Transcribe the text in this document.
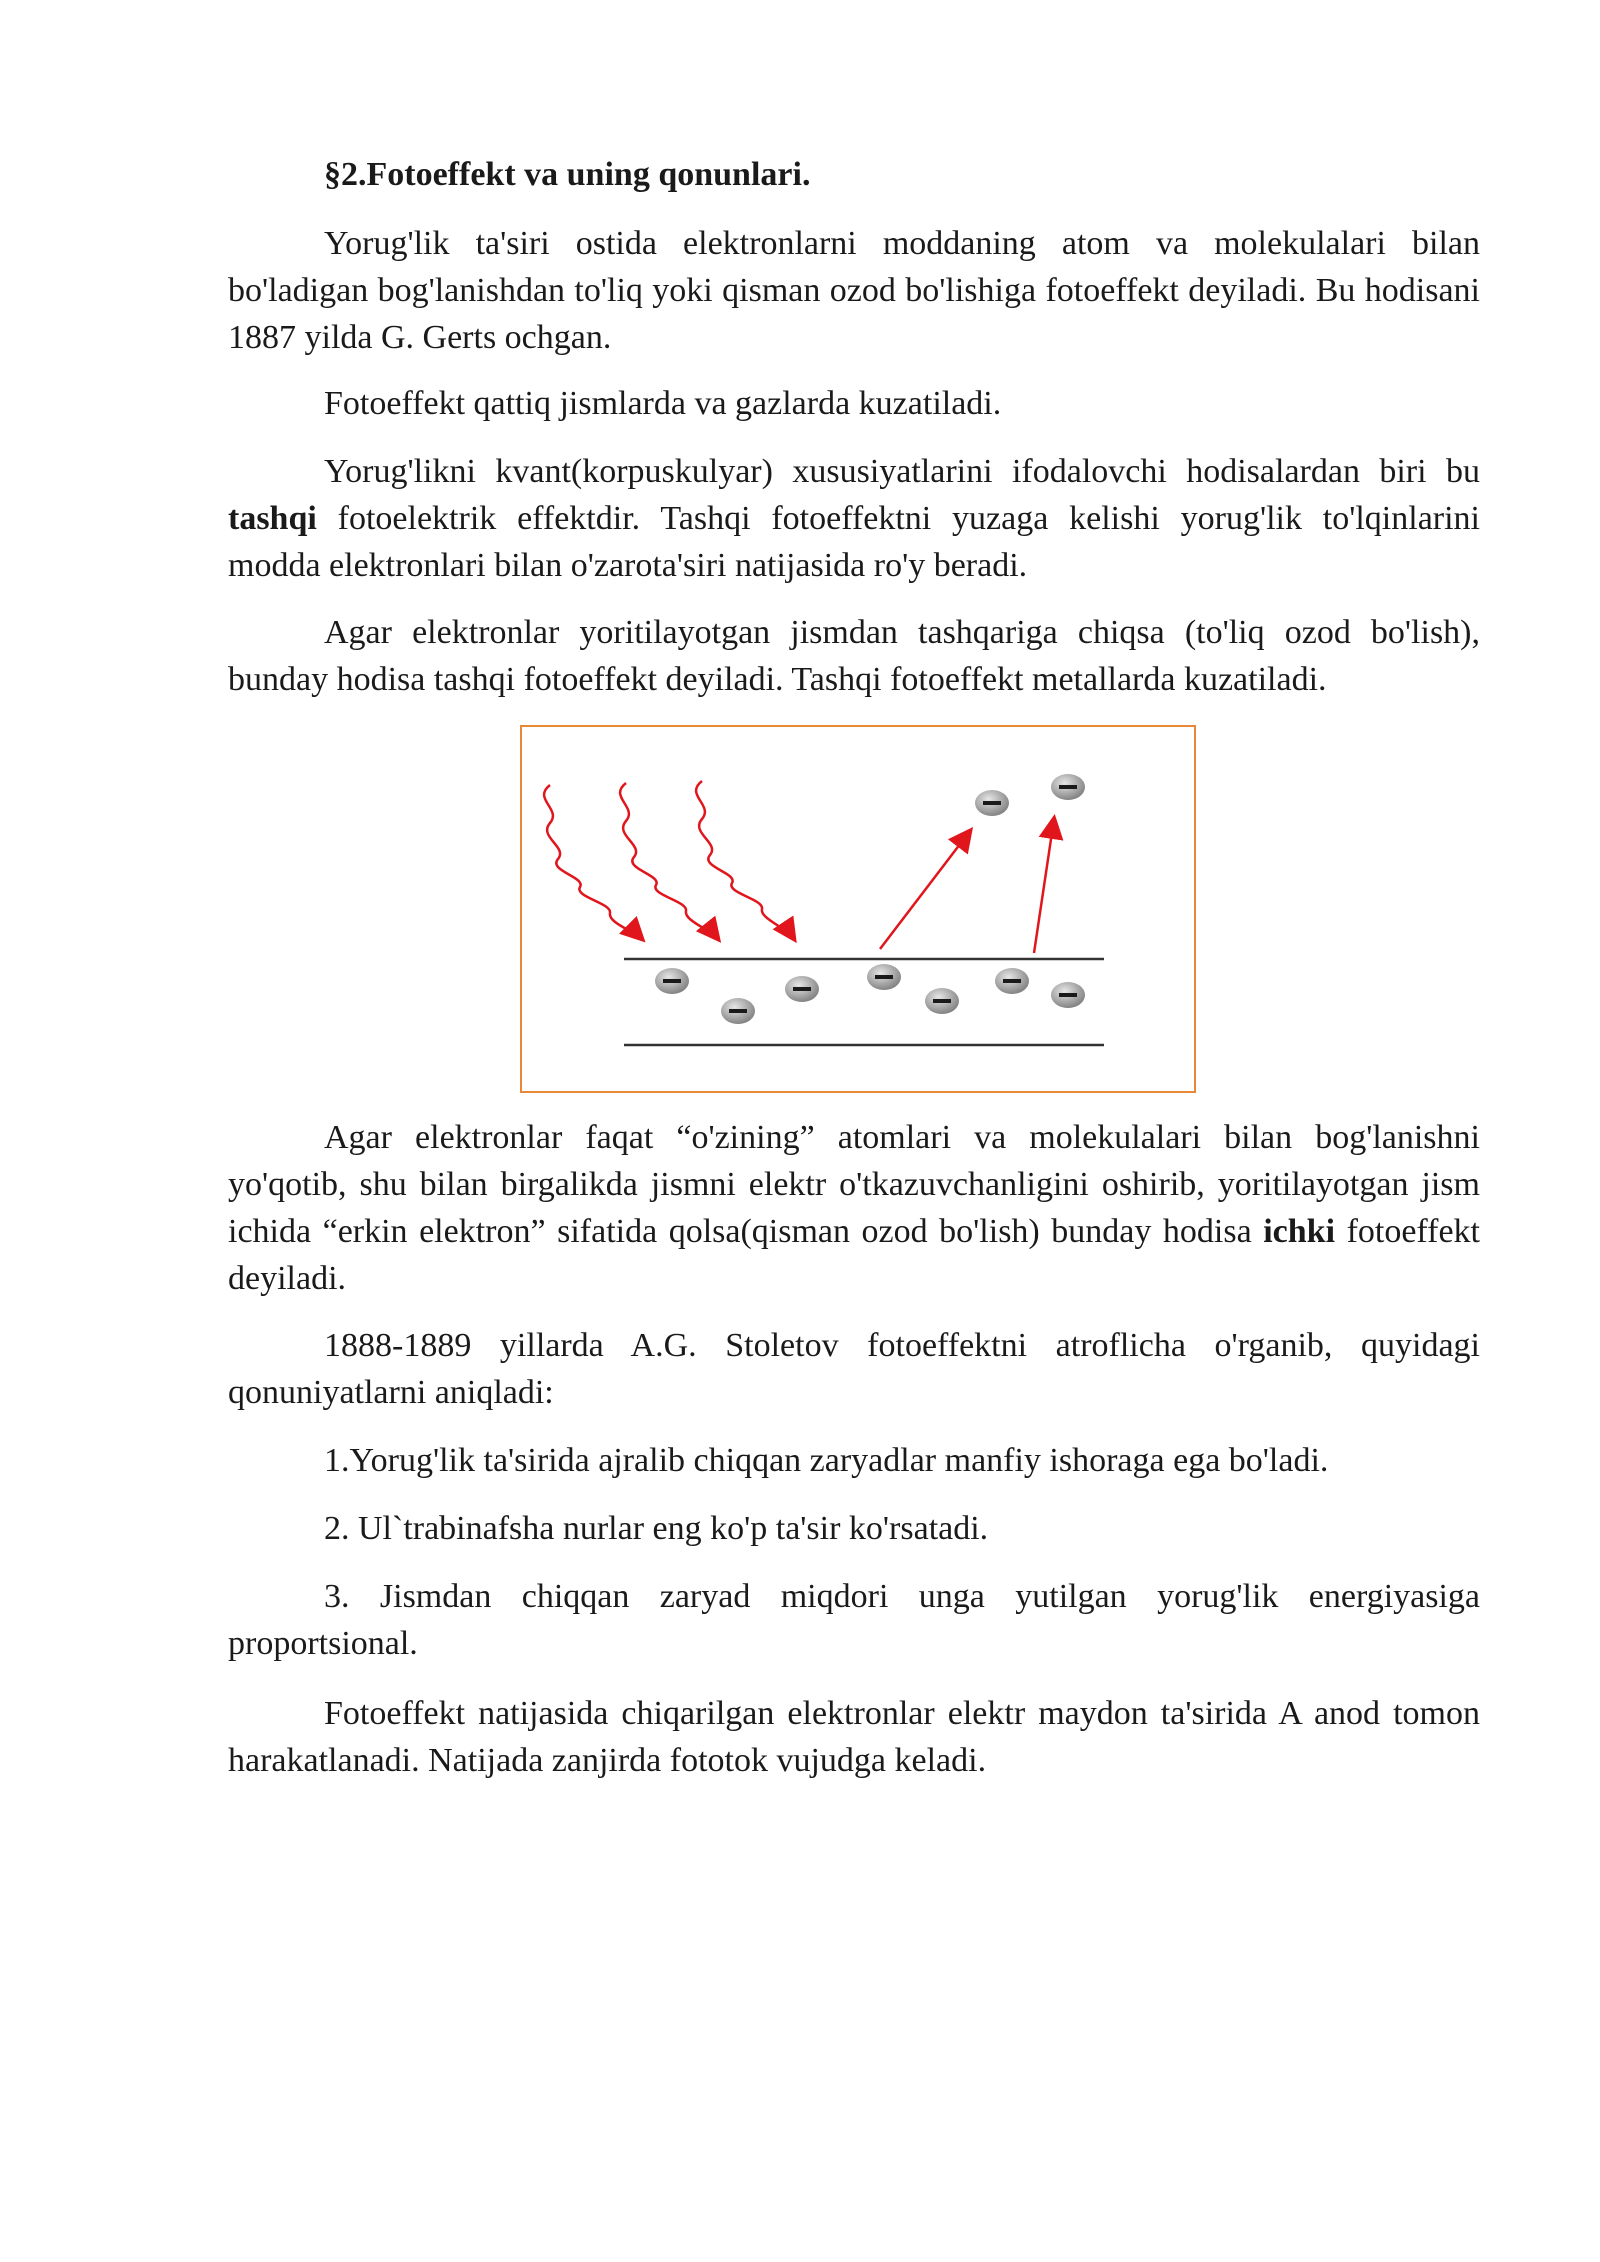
§2.Fotoeffekt va uning qonunlari.

Yorug'lik ta'siri ostida elektronlarni moddaning atom va molekulalari bilan bo'ladigan bog'lanishdan to'liq yoki qisman ozod bo'lishiga fotoeffekt deyiladi. Bu hodisani 1887 yilda G. Gerts ochgan.

Fotoeffekt qattiq jismlarda va gazlarda kuzatiladi.

Yorug'likni kvant(korpuskulyar) xususiyatlarini ifodalovchi hodisalardan biri bu tashqi fotoelektrik effektdir. Tashqi fotoeffektni yuzaga kelishi yorug'lik to'lqinlarini modda elektronlari bilan o'zarota'siri natijasida ro'y beradi.

Agar elektronlar yoritilayotgan jismdan tashqariga chiqsa (to'liq ozod bo'lish), bunday hodisa tashqi fotoeffekt deyiladi. Tashqi fotoeffekt metallarda kuzatiladi.

Agar elektronlar faqat “o'zining” atomlari va molekulalari bilan bog'lanishni yo'qotib, shu bilan birgalikda jismni elektr o'tkazuvchanligini oshirib, yoritilayotgan jism ichida “erkin elektron” sifatida qolsa(qisman ozod bo'lish) bunday hodisa ichki fotoeffekt deyiladi.

1888-1889 yillarda A.G. Stoletov fotoeffektni atroflicha o'rganib, quyidagi qonuniyatlarni aniqladi:

1.Yorug'lik ta'sirida ajralib chiqqan zaryadlar manfiy ishoraga ega bo'ladi.

2. Ul`trabinafsha nurlar eng ko'p ta'sir ko'rsatadi.

3. Jismdan chiqqan zaryad miqdori unga yutilgan yorug'lik energiyasiga proportsional.

Fotoeffekt natijasida chiqarilgan elektronlar elektr maydon ta'sirida A anod tomon harakatlanadi. Natijada zanjirda fototok vujudga keladi.
